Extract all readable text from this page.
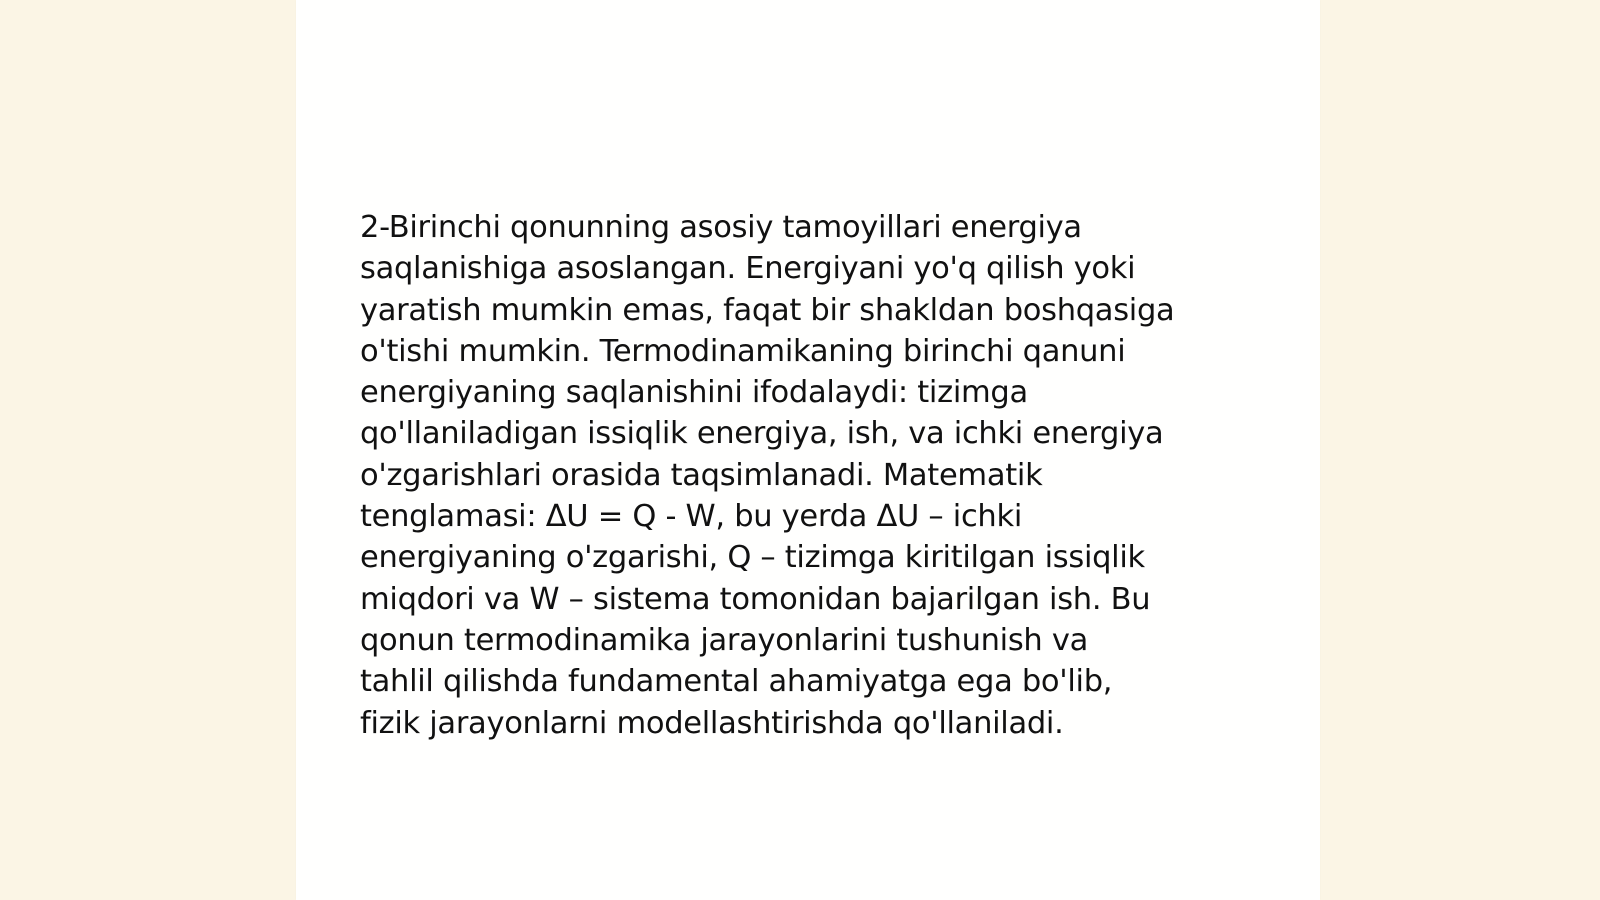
2-Birinchi qonunning asosiy tamoyillari energiya
saqlanishiga asoslangan. Energiyani yo'q qilish yoki
yaratish mumkin emas, faqat bir shakldan boshqasiga
o'tishi mumkin. Termodinamikaning birinchi qanuni
energiyaning saqlanishini ifodalaydi: tizimga
qo'llaniladigan issiqlik energiya, ish, va ichki energiya
o'zgarishlari orasida taqsimlanadi. Matematik
tenglamasi: ΔU = Q - W, bu yerda ΔU – ichki
energiyaning o'zgarishi, Q – tizimga kiritilgan issiqlik
miqdori va W – sistema tomonidan bajarilgan ish. Bu
qonun termodinamika jarayonlarini tushunish va
tahlil qilishda fundamental ahamiyatga ega bo'lib,
fizik jarayonlarni modellashtirishda qo'llaniladi.
